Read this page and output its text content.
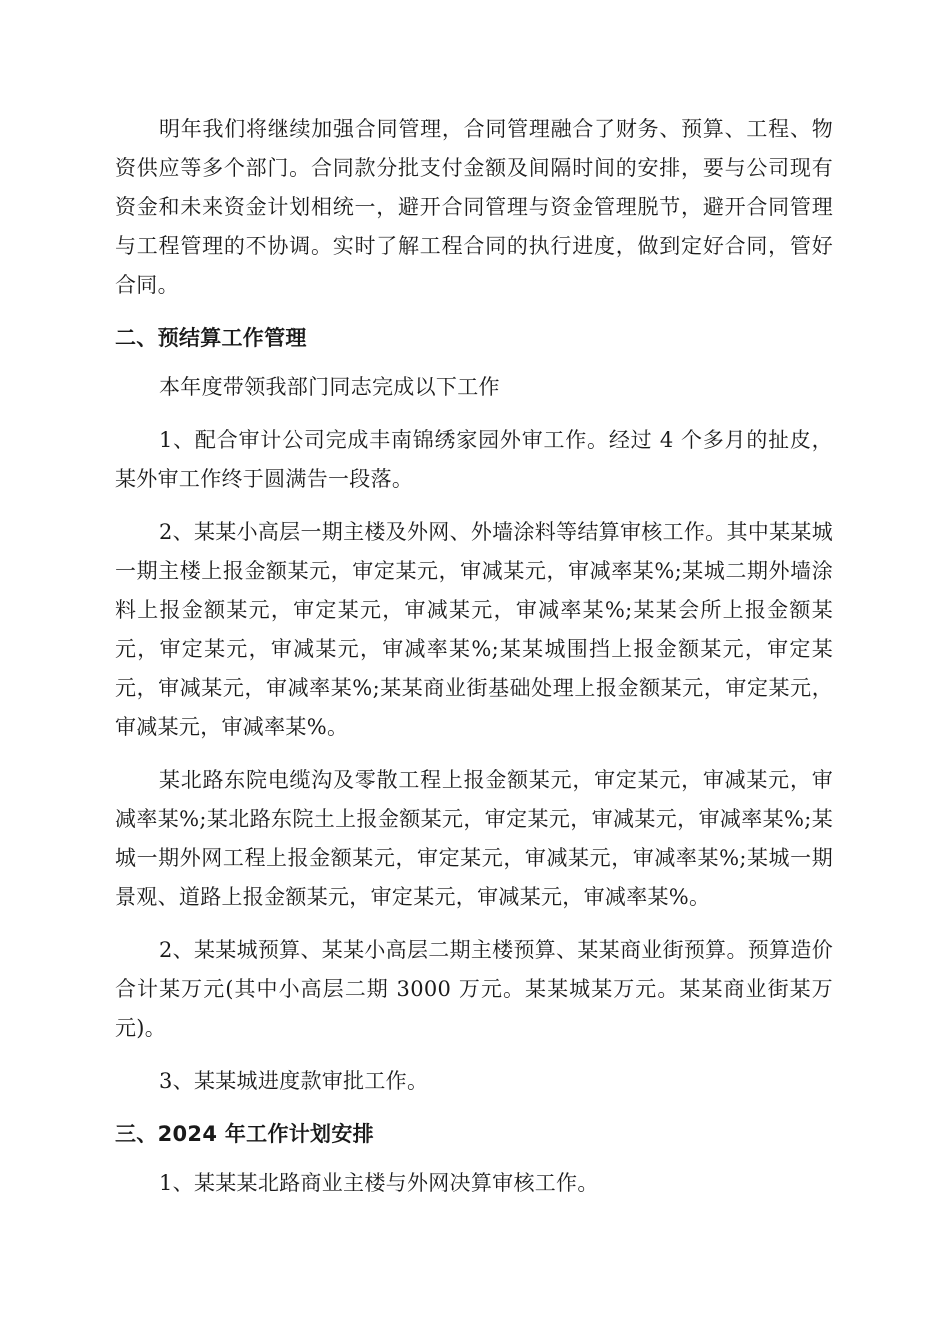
明年我们将继续加强合同管理，合同管理融合了财务、预算、工程、物资供应等多个部门。合同款分批支付金额及间隔时间的安排，要与公司现有资金和未来资金计划相统一，避开合同管理与资金管理脱节，避开合同管理与工程管理的不协调。实时了解工程合同的执行进度，做到定好合同，管好合同。

二、预结算工作管理

本年度带领我部门同志完成以下工作

1、配合审计公司完成丰南锦绣家园外审工作。经过 4 个多月的扯皮，某外审工作终于圆满告一段落。

2、某某小高层一期主楼及外网、外墙涂料等结算审核工作。其中某某城一期主楼上报金额某元，审定某元，审减某元，审减率某%;某城二期外墙涂料上报金额某元，审定某元，审减某元，审减率某%;某某会所上报金额某元，审定某元，审减某元，审减率某%;某某城围挡上报金额某元，审定某元，审减某元，审减率某%;某某商业街基础处理上报金额某元，审定某元，审减某元，审减率某%。

某北路东院电缆沟及零散工程上报金额某元，审定某元，审减某元，审减率某%;某北路东院土上报金额某元，审定某元，审减某元，审减率某%;某城一期外网工程上报金额某元，审定某元，审减某元，审减率某%;某城一期景观、道路上报金额某元，审定某元，审减某元，审减率某%。

2、某某城预算、某某小高层二期主楼预算、某某商业街预算。预算造价合计某万元(其中小高层二期 3000 万元。某某城某万元。某某商业街某万元)。

3、某某城进度款审批工作。

三、2024 年工作计划安排

1、某某某北路商业主楼与外网决算审核工作。
